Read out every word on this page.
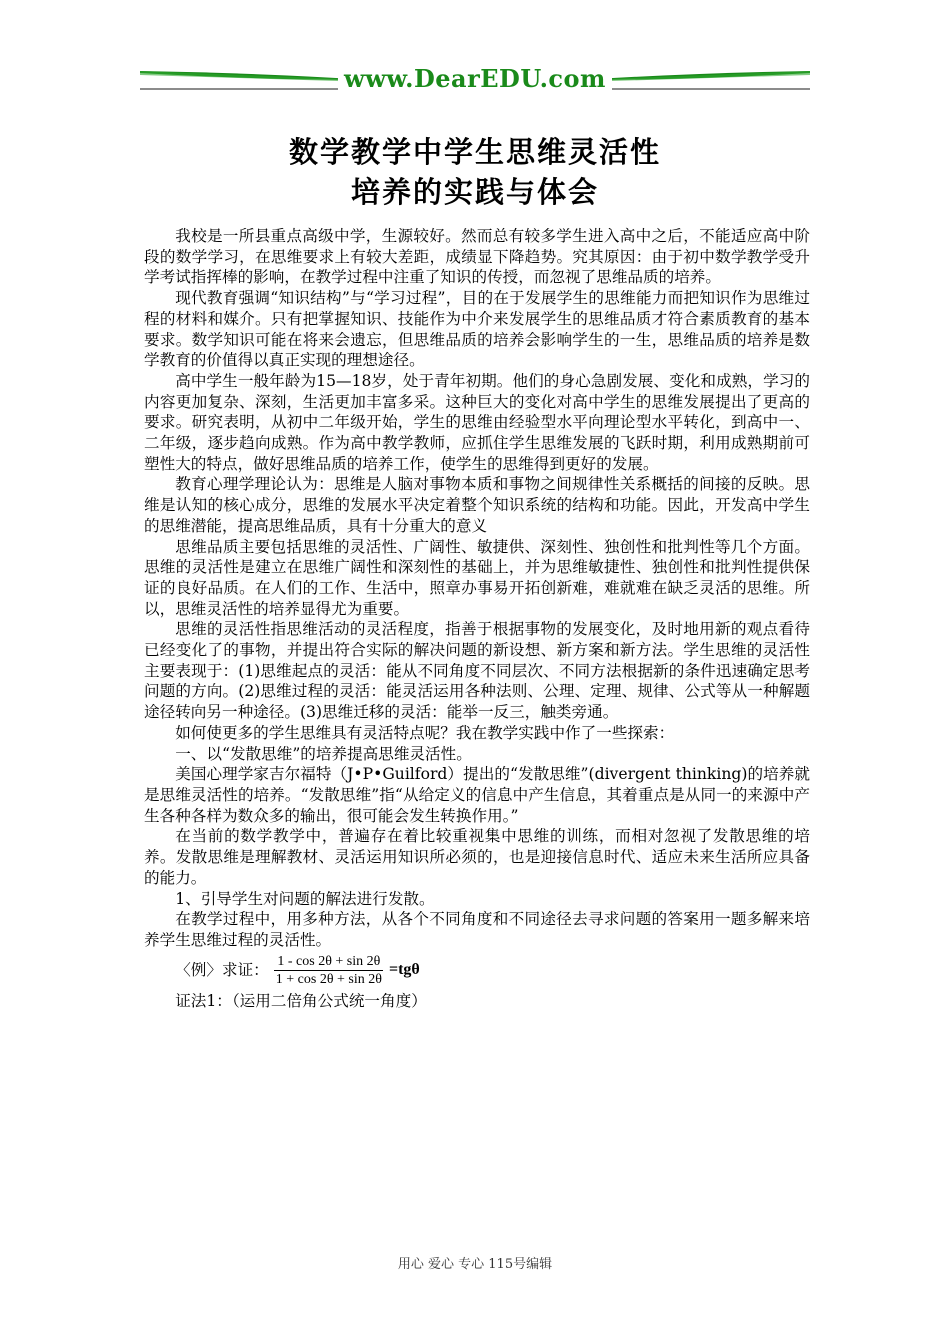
www.DearEDU.com
数学教学中学生思维灵活性
培养的实践与体会

我校是一所县重点高级中学，生源较好。然而总有较多学生进入高中之后，不能适应高中阶段的数学学习，在思维要求上有较大差距，成绩显下降趋势。究其原因：由于初中数学教学受升学考试指挥棒的影响，在教学过程中注重了知识的传授，而忽视了思维品质的培养。

现代教育强调“知识结构”与“学习过程”，目的在于发展学生的思维能力而把知识作为思维过程的材料和媒介。只有把掌握知识、技能作为中介来发展学生的思维品质才符合素质教育的基本要求。数学知识可能在将来会遗忘，但思维品质的培养会影响学生的一生，思维品质的培养是数学教育的价值得以真正实现的理想途径。

高中学生一般年龄为15—18岁，处于青年初期。他们的身心急剧发展、变化和成熟，学习的内容更加复杂、深刻，生活更加丰富多采。这种巨大的变化对高中学生的思维发展提出了更高的要求。研究表明，从初中二年级开始，学生的思维由经验型水平向理论型水平转化，到高中一、二年级，逐步趋向成熟。作为高中教学教师，应抓住学生思维发展的飞跃时期，利用成熟期前可塑性大的特点，做好思维品质的培养工作，使学生的思维得到更好的发展。

教育心理学理论认为：思维是人脑对事物本质和事物之间规律性关系概括的间接的反映。思维是认知的核心成分，思维的发展水平决定着整个知识系统的结构和功能。因此，开发高中学生的思维潜能，提高思维品质，具有十分重大的意义

思维品质主要包括思维的灵活性、广阔性、敏捷供、深刻性、独创性和批判性等几个方面。思维的灵活性是建立在思维广阔性和深刻性的基础上，并为思维敏捷性、独创性和批判性提供保证的良好品质。在人们的工作、生活中，照章办事易开拓创新难，难就难在缺乏灵活的思维。所以，思维灵活性的培养显得尤为重要。

思维的灵活性指思维活动的灵活程度，指善于根据事物的发展变化，及时地用新的观点看待已经变化了的事物，并提出符合实际的解决问题的新设想、新方案和新方法。学生思维的灵活性主要表现于：(1)思维起点的灵活：能从不同角度不同层次、不同方法根据新的条件迅速确定思考问题的方向。(2)思维过程的灵活：能灵活运用各种法则、公理、定理、规律、公式等从一种解题途径转向另一种途径。(3)思维迁移的灵活：能举一反三，触类旁通。

如何使更多的学生思维具有灵活特点呢？我在教学实践中作了一些探索：

一、以“发散思维”的培养提高思维灵活性。

美国心理学家吉尔福特（J•P•Guilford）提出的“发散思维”(divergent thinking)的培养就是思维灵活性的培养。“发散思维”指“从给定义的信息中产生信息，其着重点是从同一的来源中产生各种各样为数众多的输出，很可能会发生转换作用。”

在当前的数学教学中，普遍存在着比较重视集中思维的训练，而相对忽视了发散思维的培养。发散思维是理解教材、灵活运用知识所必须的，也是迎接信息时代、适应未来生活所应具备的能力。

1、引导学生对问题的解法进行发散。

在教学过程中，用多种方法，从各个不同角度和不同途径去寻求问题的答案用一题多解来培养学生思维过程的灵活性。

〈例〉求证： $\frac{1 - \cos 2\theta + \sin 2\theta}{1 + \cos 2\theta + \sin 2\theta} =tg\theta$

证法1：（运用二倍角公式统一角度）

用心 爱心 专心 115号编辑
